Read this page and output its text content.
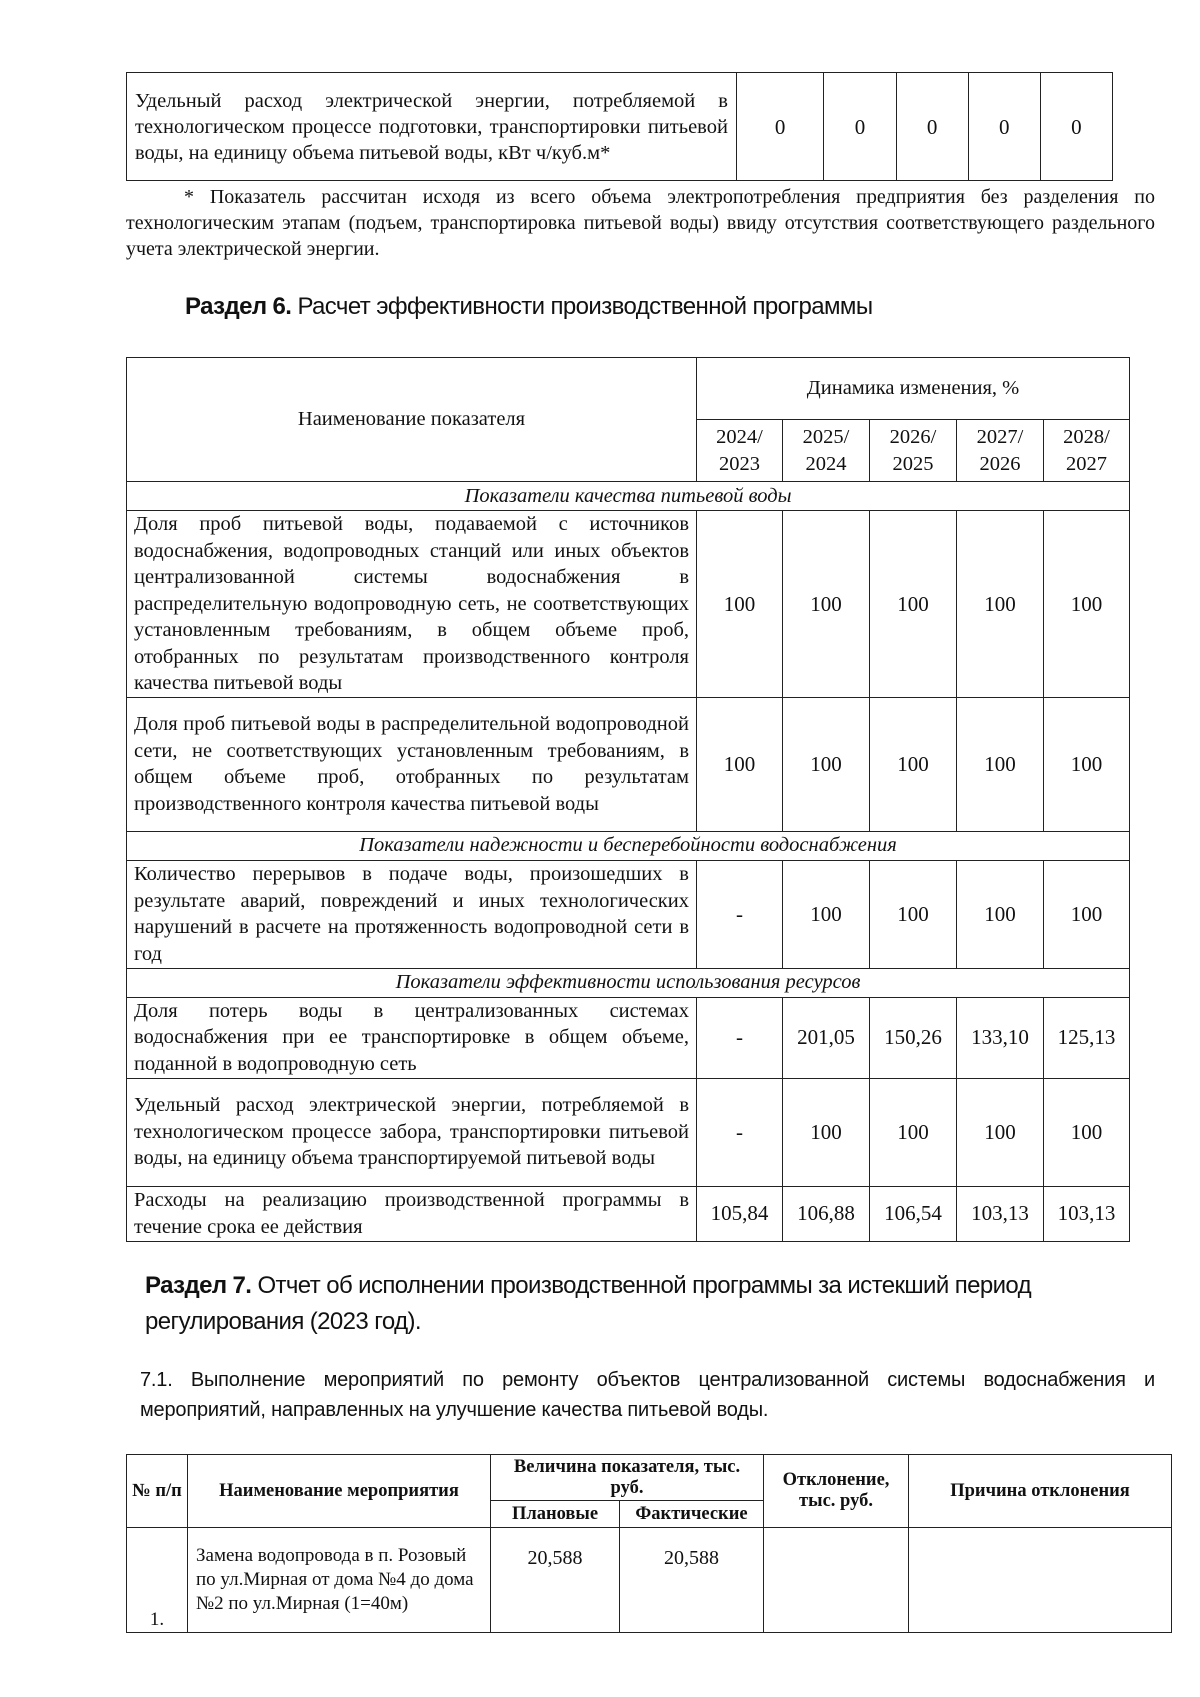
Удельный расход электрической энергии, потребляемой в технологическом процессе подготовки, транспортировки питьевой воды, на единицу объема питьевой воды, кВт ч/куб.м*	0	0	0	0	0
* Показатель рассчитан исходя из всего объема электропотребления предприятия без разделения по технологическим этапам (подъем, транспортировка питьевой воды) ввиду отсутствия соответствующего раздельного учета электрической энергии.
Раздел 6. Расчет эффективности производственной программы
Наименование показателя	Динамика изменения, %				
	2024/ 2023	2025/ 2024	2026/ 2025	2027/ 2026	2028/ 2027
Показатели качества питьевой воды					
Доля проб питьевой воды, подаваемой с источников водоснабжения, водопроводных станций или иных объектов централизованной системы водоснабжения в распределительную водопроводную сеть, не соответствующих установленным требованиям, в общем объеме проб, отобранных по результатам производственного контроля качества питьевой воды	100	100	100	100	100
Доля проб питьевой воды в распределительной водопроводной сети, не соответствующих установленным требованиям, в общем объеме проб, отобранных по результатам производственного контроля качества питьевой воды	100	100	100	100	100
Показатели надежности и бесперебойности водоснабжения					
Количество перерывов в подаче воды, произошедших в результате аварий, повреждений и иных технологических нарушений в расчете на протяженность водопроводной сети в год	-	100	100	100	100
Показатели эффективности использования ресурсов					
Доля потерь воды в централизованных системах водоснабжения при ее транспортировке в общем объеме, поданной в водопроводную сеть	-	201,05	150,26	133,10	125,13
Удельный расход электрической энергии, потребляемой в технологическом процессе забора, транспортировки питьевой воды, на единицу объема транспортируемой питьевой воды	-	100	100	100	100
Расходы на реализацию производственной программы в течение срока ее действия	105,84	106,88	106,54	103,13	103,13
Раздел 7. Отчет об исполнении производственной программы за истекший период регулирования (2023 год).
7.1. Выполнение мероприятий по ремонту объектов централизованной системы водоснабжения и мероприятий, направленных на улучшение качества питьевой воды.
№ п/п	Наименование мероприятия	Величина показателя, тыс. руб.		Отклонение, тыс. руб.	Причина отклонения
		Плановые	Фактические		
1.	Замена водопровода в п. Розовый по ул.Мирная от дома №4 до дома №2 по ул.Мирная (1=40м)	20,588	20,588		
